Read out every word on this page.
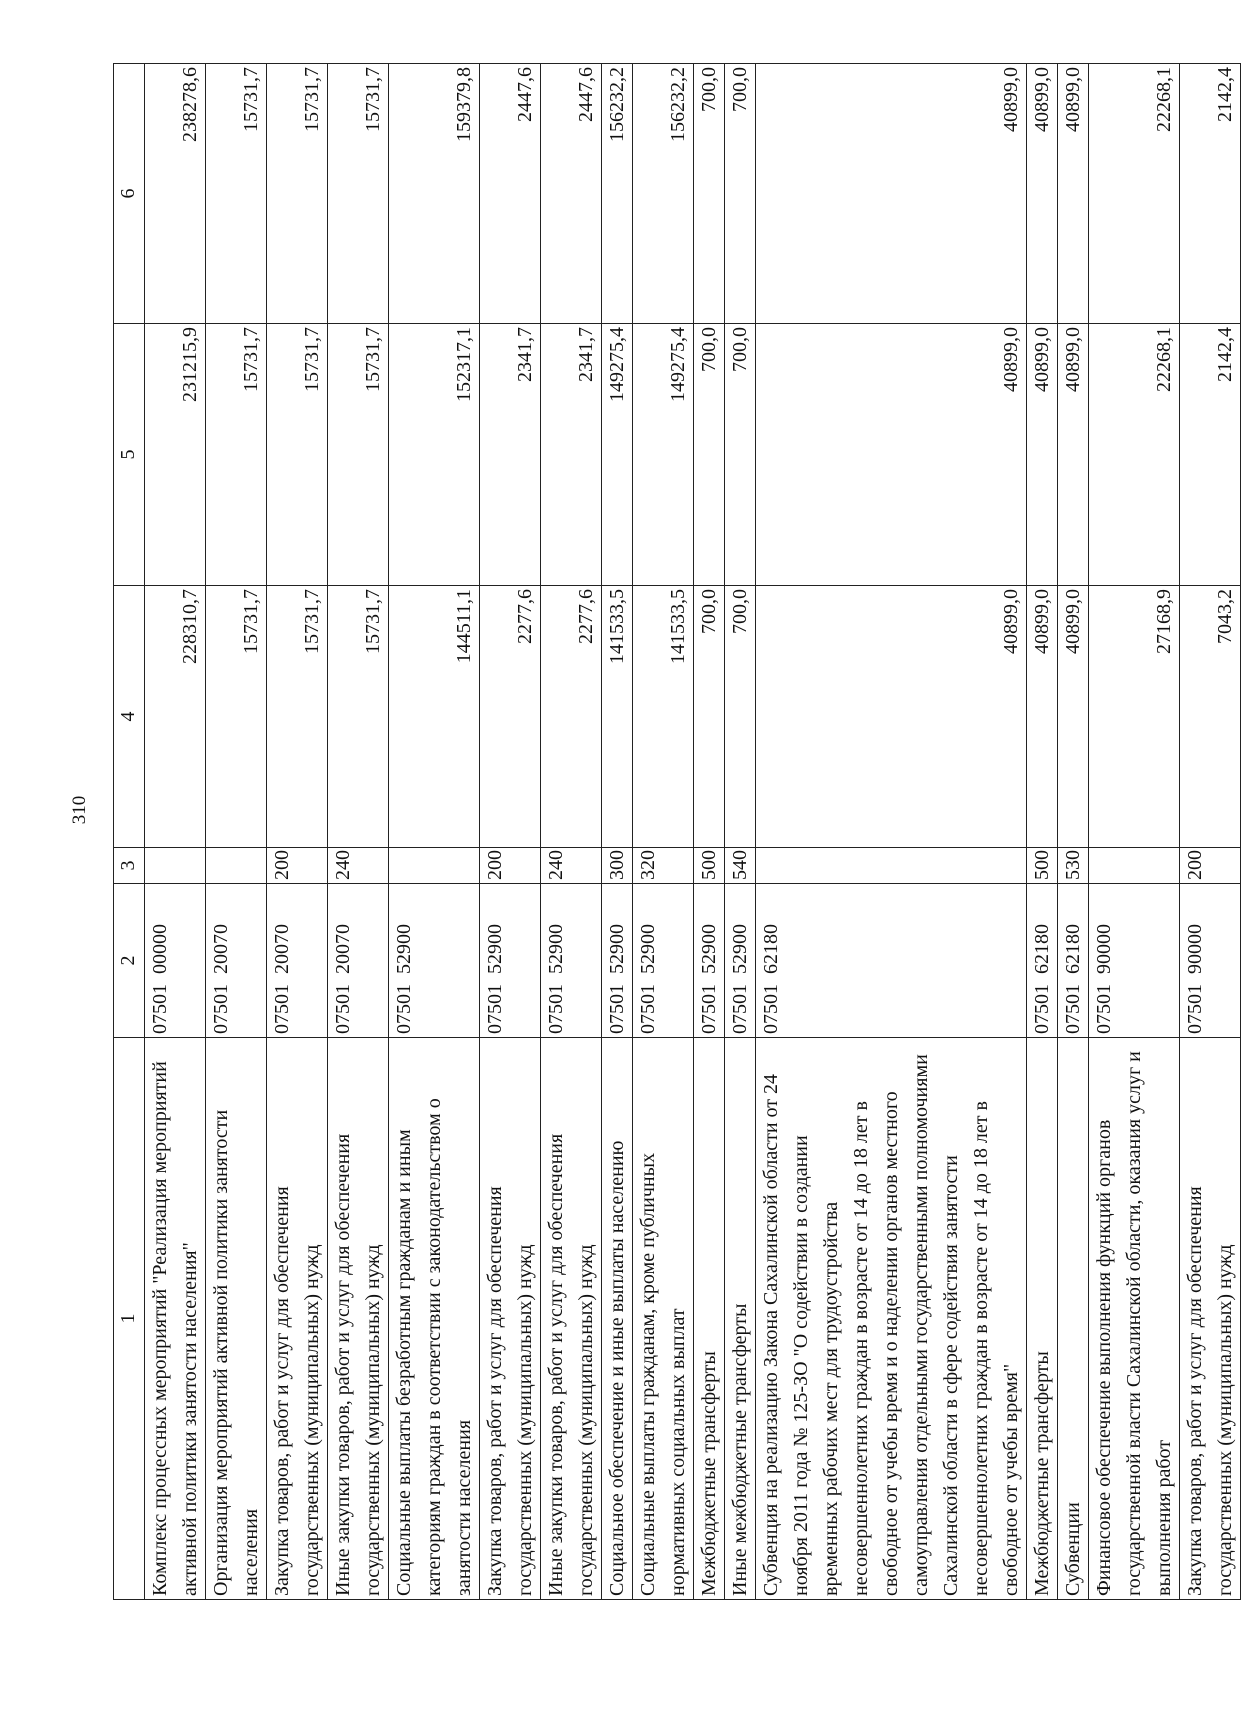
310
1	2	3	4	5	6
Комплекс процессных мероприятий "Реализация мероприятий активной политики занятости населения"	0750100000		228310,7	231215,9	238278,6
Организация мероприятий активной политики занятости населения	0750120070		15731,7	15731,7	15731,7
Закупка товаров, работ и услуг для обеспечения государственных (муниципальных) нужд	0750120070	200	15731,7	15731,7	15731,7
Иные закупки товаров, работ и услуг для обеспечения государственных (муниципальных) нужд	0750120070	240	15731,7	15731,7	15731,7
Социальные выплаты безработным гражданам и иным категориям граждан в соответствии с законодательством о занятости населения	0750152900		144511,1	152317,1	159379,8
Закупка товаров, работ и услуг для обеспечения государственных (муниципальных) нужд	0750152900	200	2277,6	2341,7	2447,6
Иные закупки товаров, работ и услуг для обеспечения государственных (муниципальных) нужд	0750152900	240	2277,6	2341,7	2447,6
Социальное обеспечение и иные выплаты населению	0750152900	300	141533,5	149275,4	156232,2
Социальные выплаты гражданам, кроме публичных нормативных социальных выплат	0750152900	320	141533,5	149275,4	156232,2
Межбюджетные трансферты	0750152900	500	700,0	700,0	700,0
Иные межбюджетные трансферты	0750152900	540	700,0	700,0	700,0
Субвенция на реализацию Закона Сахалинской области от 24 ноября 2011 года № 125-ЗО "О содействии в создании временных рабочих мест для трудоустройства несовершеннолетних граждан в возрасте от 14 до 18 лет в свободное от учебы время и о наделении органов местного самоуправления отдельными государственными полномочиями Сахалинской области в сфере содействия занятости несовершеннолетних граждан в возрасте от 14 до 18 лет в свободное от учебы время"	0750162180		40899,0	40899,0	40899,0
Межбюджетные трансферты	0750162180	500	40899,0	40899,0	40899,0
Субвенции	0750162180	530	40899,0	40899,0	40899,0
Финансовое обеспечение выполнения функций органов государственной власти Сахалинской области, оказания услуг и выполнения работ	0750190000		27168,9	22268,1	22268,1
Закупка товаров, работ и услуг для обеспечения государственных (муниципальных) нужд	0750190000	200	7043,2	2142,4	2142,4
